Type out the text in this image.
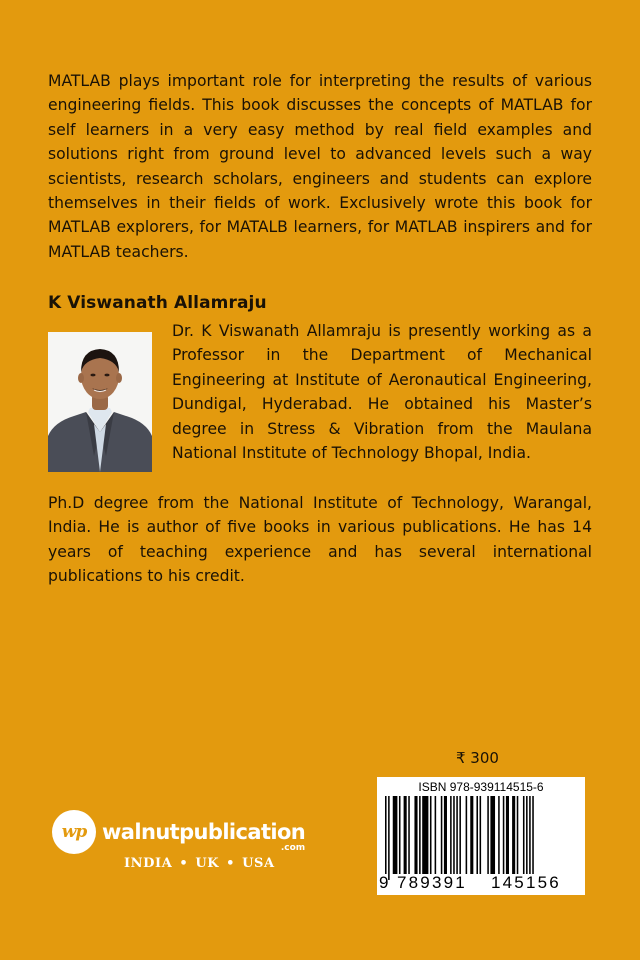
MATLAB plays important role for interpreting the results of various engineering fields. This book discusses the concepts of MATLAB for self learners in a very easy method by real field examples and solutions right from ground level to advanced levels such a way scientists, research scholars, engineers and students can explore themselves in their fields of work. Exclusively wrote this book for MATLAB explorers, for MATALB learners, for MATLAB inspirers and for MATLAB teachers.

K Viswanath Allamraju

Dr. K Viswanath Allamraju is presently working as a Professor in the Department of Mechanical Engineering at Institute of Aeronautical Engineering, Dundigal, Hyderabad. He obtained his Master’s degree in Stress & Vibration from the Maulana National Institute of Technology Bhopal, India.

Ph.D degree from the National Institute of Technology, Warangal, India. He is author of five books in various publications. He has 14 years of teaching experience and has several international publications to his credit.

₹ 300
ISBN 978-939114515-6
9 789391 145156
wp walnutpublication
.com
INDIA • UK • USA
